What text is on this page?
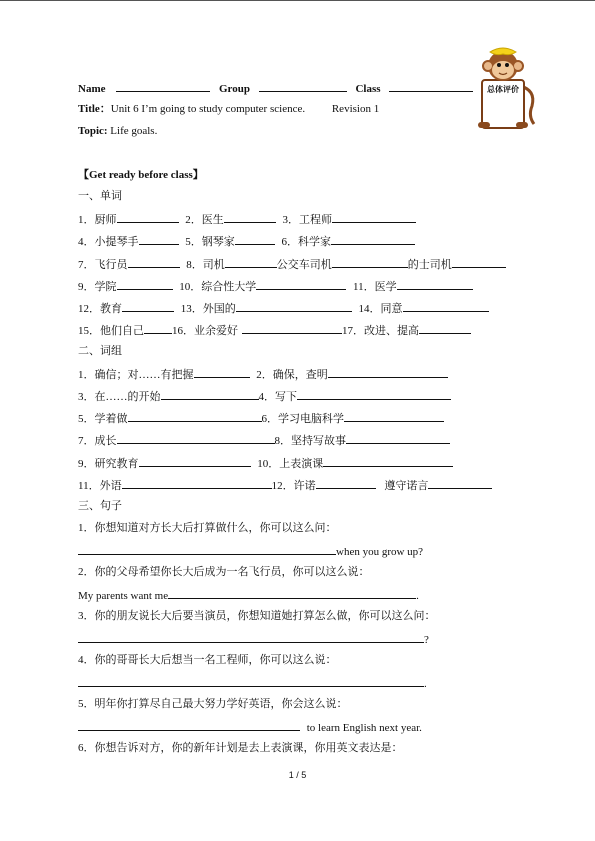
Name	Group	Class
Title：Unit 6 I’m going to study computer science. Revision 1
Topic: Life goals.
总体评价
【Get ready before class】
一、单词
1．厨师	2．医生	3．工程师
4．小提琴手	5．钢琴家	6．科学家
7．飞行员	8．司机	公交车司机	的士司机
9．学院	10．综合性大学	11．医学
12．教育	13．外国的	14．同意
15．他们自己	16．业余爱好	17．改进、提高
二、词组
1．确信；对……有把握	2．确保，查明
3．在……的开始	4．写下
5．学着做	6．学习电脑科学
7．成长	8．坚持写故事
9．研究教育	10．上表演课
11．外语	12．许诺	遵守诺言
三、句子
1．你想知道对方长大后打算做什么，你可以这么问：
when you grow up?
2．你的父母希望你长大后成为一名飞行员，你可以这么说：
My parents want me	.
3．你的朋友说长大后要当演员，你想知道她打算怎么做，你可以这么问：
?
4．你的哥哥长大后想当一名工程师，你可以这么说：
.
5．明年你打算尽自己最大努力学好英语，你会这么说：
to learn English next year.
6．你想告诉对方，你的新年计划是去上表演课，你用英文表达是：
1 / 5
